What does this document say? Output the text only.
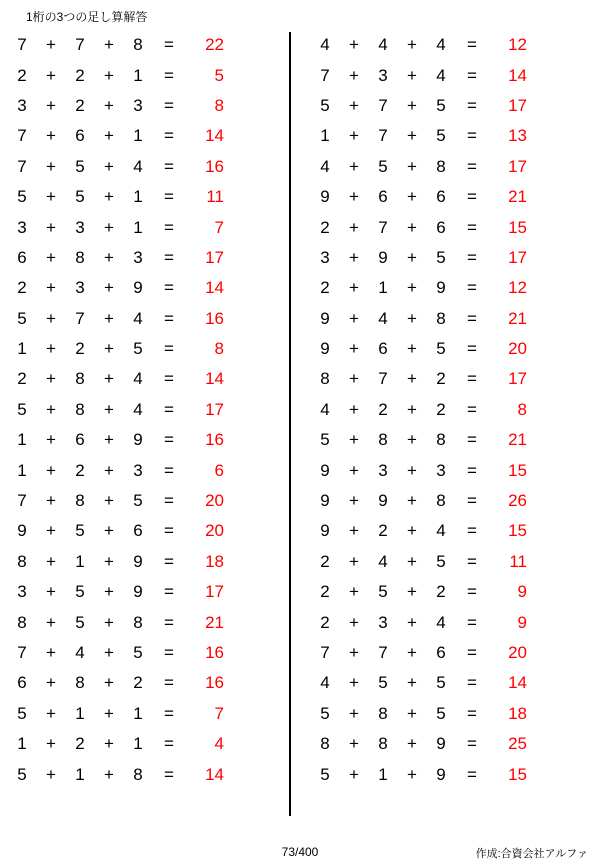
1桁の3つの足し算解答
7	+	7	+	8	=	22
2	+	2	+	1	=	5
3	+	2	+	3	=	8
7	+	6	+	1	=	14
7	+	5	+	4	=	16
5	+	5	+	1	=	11
3	+	3	+	1	=	7
6	+	8	+	3	=	17
2	+	3	+	9	=	14
5	+	7	+	4	=	16
1	+	2	+	5	=	8
2	+	8	+	4	=	14
5	+	8	+	4	=	17
1	+	6	+	9	=	16
1	+	2	+	3	=	6
7	+	8	+	5	=	20
9	+	5	+	6	=	20
8	+	1	+	9	=	18
3	+	5	+	9	=	17
8	+	5	+	8	=	21
7	+	4	+	5	=	16
6	+	8	+	2	=	16
5	+	1	+	1	=	7
1	+	2	+	1	=	4
5	+	1	+	8	=	14
4	+	4	+	4	=	12
7	+	3	+	4	=	14
5	+	7	+	5	=	17
1	+	7	+	5	=	13
4	+	5	+	8	=	17
9	+	6	+	6	=	21
2	+	7	+	6	=	15
3	+	9	+	5	=	17
2	+	1	+	9	=	12
9	+	4	+	8	=	21
9	+	6	+	5	=	20
8	+	7	+	2	=	17
4	+	2	+	2	=	8
5	+	8	+	8	=	21
9	+	3	+	3	=	15
9	+	9	+	8	=	26
9	+	2	+	4	=	15
2	+	4	+	5	=	11
2	+	5	+	2	=	9
2	+	3	+	4	=	9
7	+	7	+	6	=	20
4	+	5	+	5	=	14
5	+	8	+	5	=	18
8	+	8	+	9	=	25
5	+	1	+	9	=	15
73/400	作成:合資会社アルファ
